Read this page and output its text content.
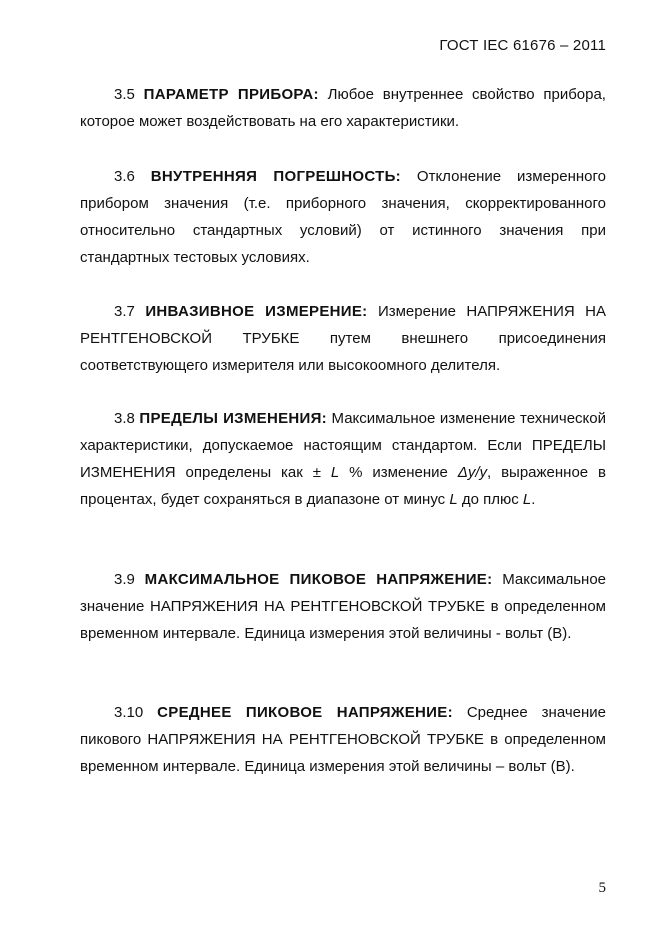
ГОСТ IEC 61676 – 2011

3.5 ПАРАМЕТР ПРИБОРА: Любое внутреннее свойство прибора, которое может воздействовать на его характеристики.

3.6 ВНУТРЕННЯЯ ПОГРЕШНОСТЬ: Отклонение измеренного прибором значения (т.е. приборного значения, скорректированного относительно стандартных условий) от истинного значения при стандартных тестовых условиях.

3.7 ИНВАЗИВНОЕ ИЗМЕРЕНИЕ: Измерение НАПРЯЖЕНИЯ НА РЕНТГЕНОВСКОЙ ТРУБКЕ путем внешнего присоединения соответствующего измерителя или высокоомного делителя.

3.8 ПРЕДЕЛЫ ИЗМЕНЕНИЯ: Максимальное изменение технической характеристики, допускаемое настоящим стандартом. Если ПРЕДЕЛЫ ИЗМЕНЕНИЯ определены как ± L % изменение Δy/y, выраженное в процентах, будет сохраняться в диапазоне от минус L до плюс L.

3.9 МАКСИМАЛЬНОЕ ПИКОВОЕ НАПРЯЖЕНИЕ: Максимальное значение НАПРЯЖЕНИЯ НА РЕНТГЕНОВСКОЙ ТРУБКЕ в определенном временном интервале. Единица измерения этой величины - вольт (В).

3.10 СРЕДНЕЕ ПИКОВОЕ НАПРЯЖЕНИЕ: Среднее значение пикового НАПРЯЖЕНИЯ НА РЕНТГЕНОВСКОЙ ТРУБКЕ в определенном временном интервале. Единица измерения этой величины – вольт (В).

5
